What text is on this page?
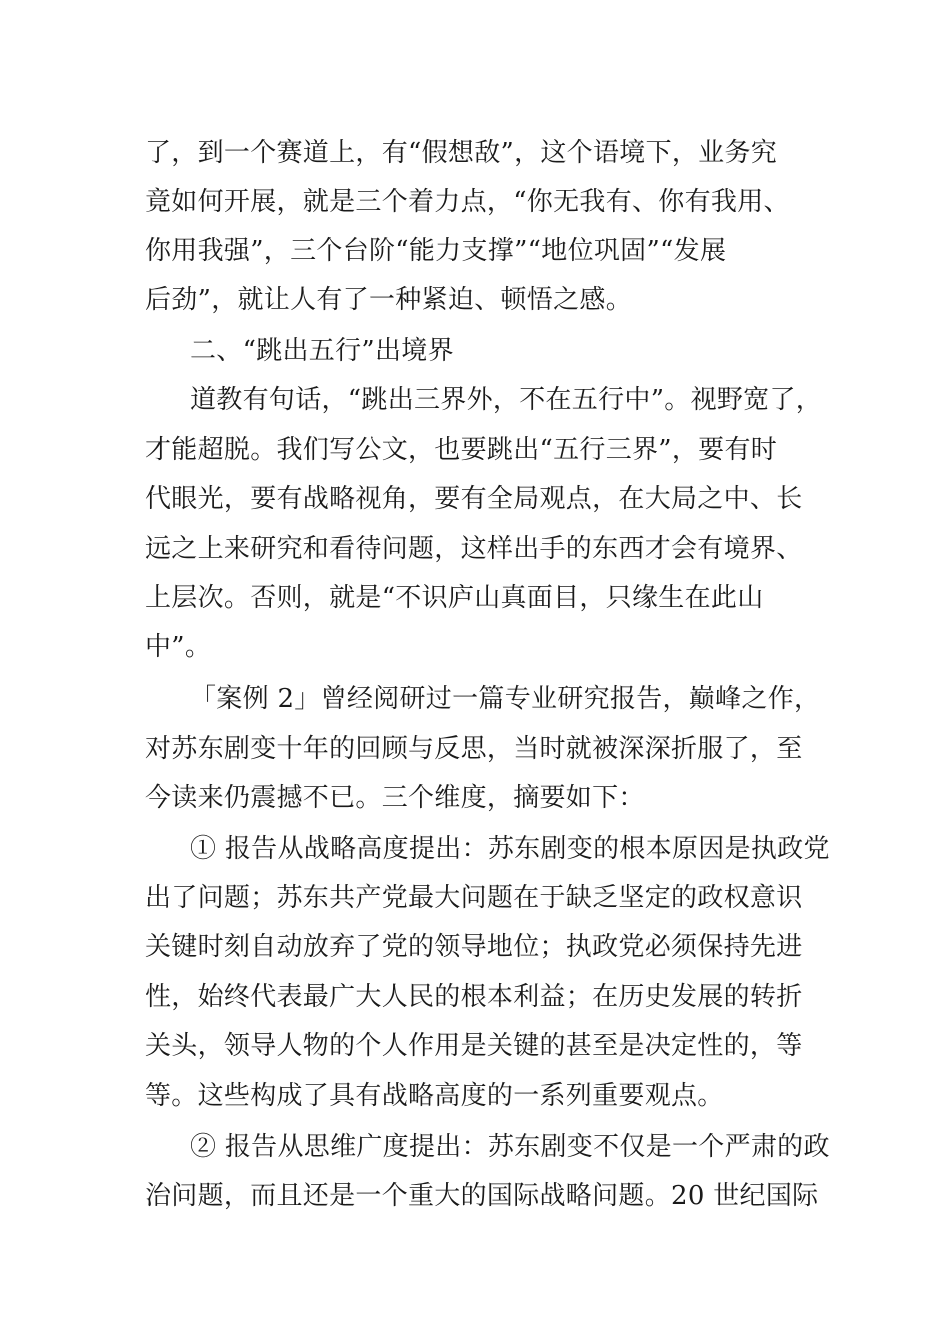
了，到一个赛道上，有“假想敌”，这个语境下，业务究
竟如何开展，就是三个着力点，“你无我有、你有我用、
你用我强”，三个台阶“能力支撑”“地位巩固”“发展
后劲”，就让人有了一种紧迫、顿悟之感。
二、“跳出五行”出境界
道教有句话，“跳出三界外，不在五行中”。视野宽了，
才能超脱。我们写公文，也要跳出“五行三界”，要有时
代眼光，要有战略视角，要有全局观点，在大局之中、长
远之上来研究和看待问题，这样出手的东西才会有境界、
上层次。否则，就是“不识庐山真面目，只缘生在此山
中”。
「案例 2」曾经阅研过一篇专业研究报告，巅峰之作，
对苏东剧变十年的回顾与反思，当时就被深深折服了，至
今读来仍震撼不已。三个维度，摘要如下：
① 报告从战略高度提出：苏东剧变的根本原因是执政党
出了问题；苏东共产党最大问题在于缺乏坚定的政权意识
关键时刻自动放弃了党的领导地位；执政党必须保持先进
性，始终代表最广大人民的根本利益；在历史发展的转折
关头，领导人物的个人作用是关键的甚至是决定性的，等
等。这些构成了具有战略高度的一系列重要观点。
② 报告从思维广度提出：苏东剧变不仅是一个严肃的政
治问题，而且还是一个重大的国际战略问题。20 世纪国际
